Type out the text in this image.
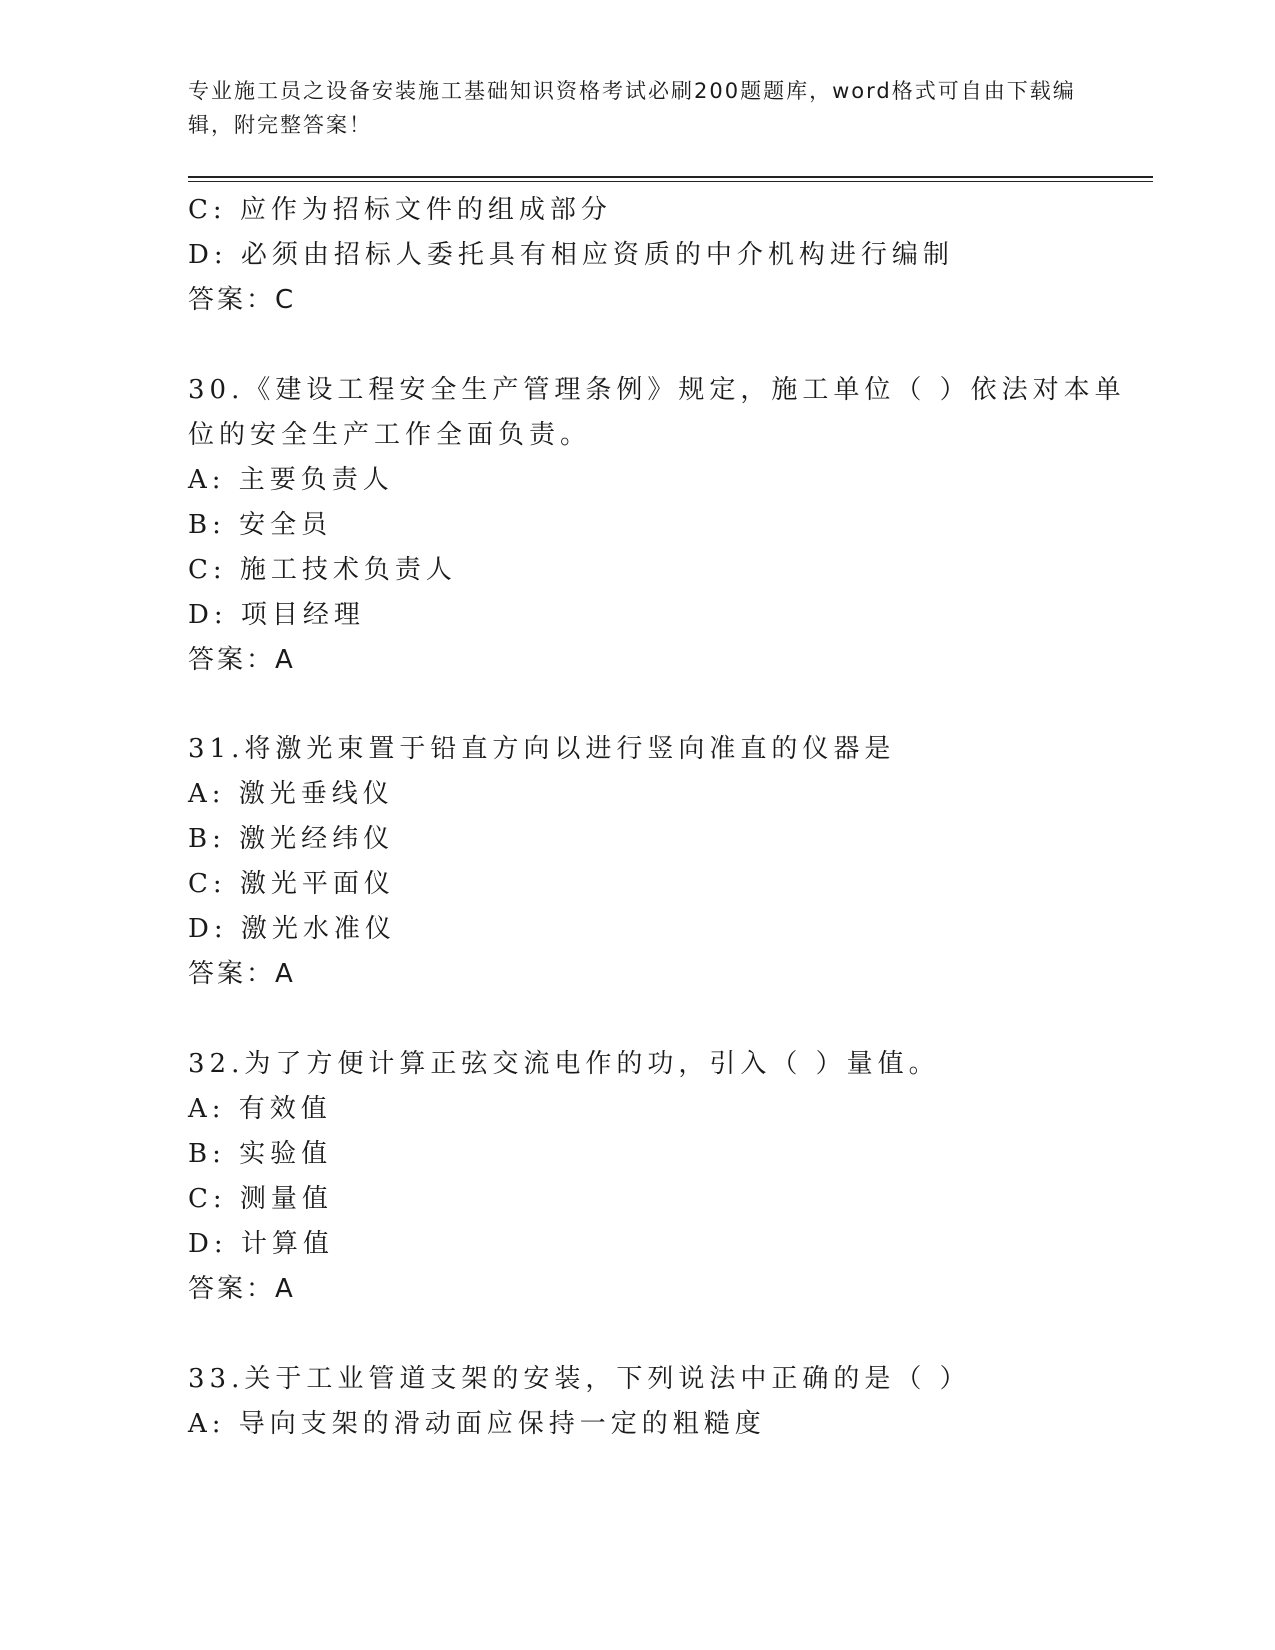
专业施工员之设备安装施工基础知识资格考试必刷200题题库，word格式可自由下载编辑，附完整答案！
C: 应作为招标文件的组成部分
D: 必须由招标人委托具有相应资质的中介机构进行编制
答案：C
30.《建设工程安全生产管理条例》规定，施工单位（ ）依法对本单
位的安全生产工作全面负责。
A: 主要负责人
B: 安全员
C: 施工技术负责人
D: 项目经理
答案：A
31.将激光束置于铅直方向以进行竖向准直的仪器是
A: 激光垂线仪
B: 激光经纬仪
C: 激光平面仪
D: 激光水准仪
答案：A
32.为了方便计算正弦交流电作的功，引入（ ）量值。
A: 有效值
B: 实验值
C: 测量值
D: 计算值
答案：A
33.关于工业管道支架的安装，下列说法中正确的是（ ）
A: 导向支架的滑动面应保持一定的粗糙度
